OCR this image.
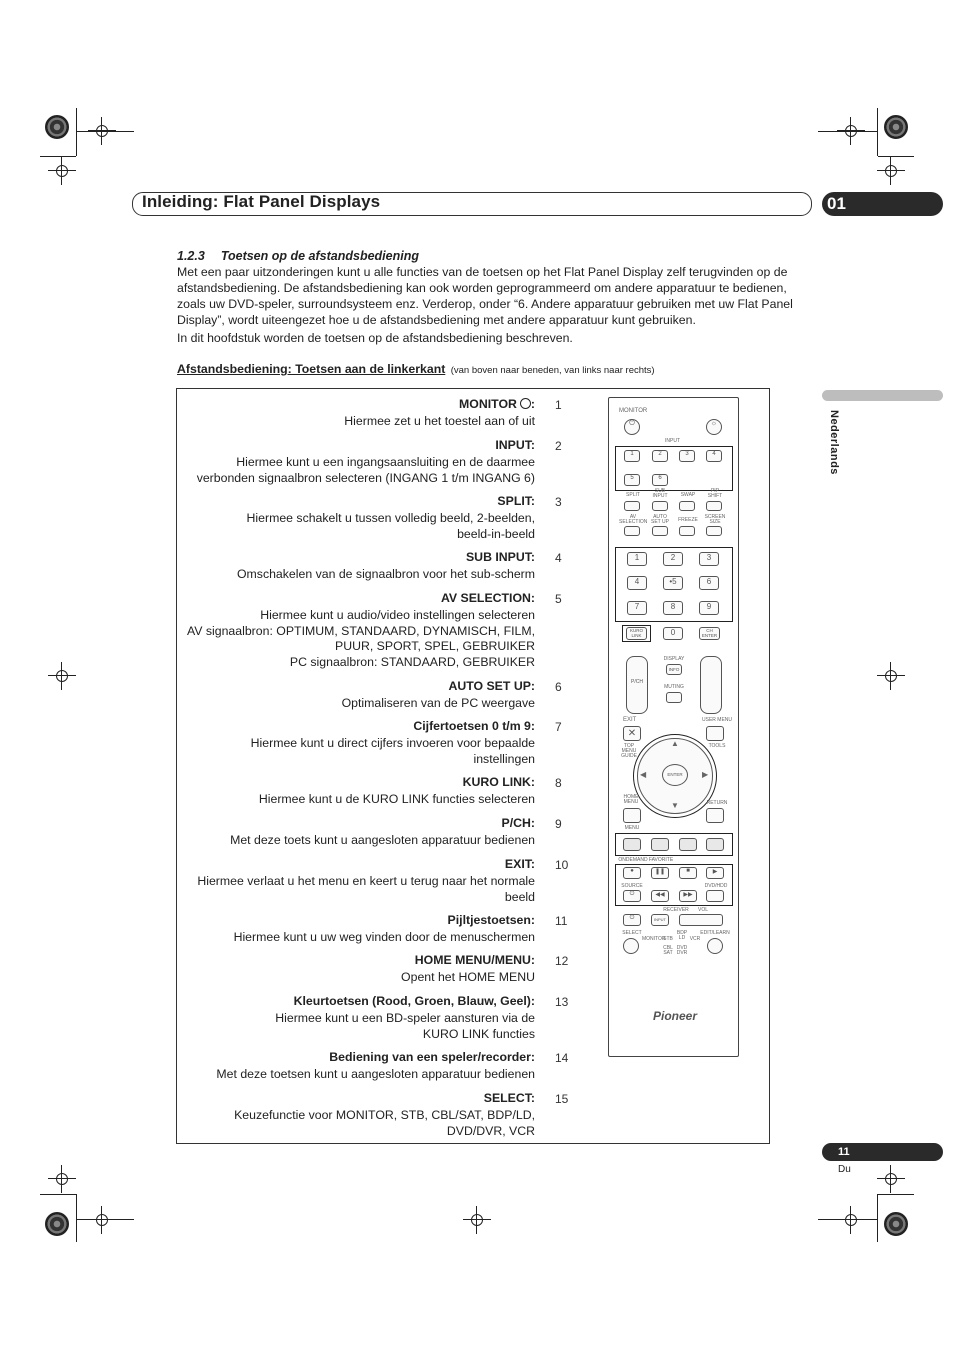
Inleiding: Flat Panel Displays	01
Nederlands
1.2.3 Toetsen op de afstandsbediening
Met een paar uitzonderingen kunt u alle functies van de toetsen op het Flat Panel Display zelf terugvinden op de afstandsbediening. De afstandsbediening kan ook worden geprogrammeerd om andere apparatuur te bedienen, zoals uw DVD-speler, surroundsysteem enz. Verderop, onder “6. Andere apparatuur gebruiken met uw Flat Panel Display”, wordt uiteengezet hoe u de afstandsbediening met andere apparatuur kunt gebruiken.
In dit hoofdstuk worden de toetsen op de afstandsbediening beschreven.
Afstandsbediening: Toetsen aan de linkerkant (van boven naar beneden, van links naar rechts)
MONITOR :
Hiermee zet u het toestel aan of uit
1
INPUT:
Hiermee kunt u een ingangsaansluiting en de daarmee
verbonden signaalbron selecteren (INGANG 1 t/m INGANG 6)
2
SPLIT:
Hiermee schakelt u tussen volledig beeld, 2-beelden,
beeld-in-beeld
3
SUB INPUT:
Omschakelen van de signaalbron voor het sub-scherm
4
AV SELECTION:
Hiermee kunt u audio/video instellingen selecteren
AV signaalbron: OPTIMUM, STANDAARD, DYNAMISCH, FILM,
PUUR, SPORT, SPEL, GEBRUIKER
PC signaalbron: STANDAARD, GEBRUIKER
5
AUTO SET UP:
Optimaliseren van de PC weergave
6
Cijfertoetsen 0 t/m 9:
Hiermee kunt u direct cijfers invoeren voor bepaalde
instellingen
7
KURO LINK:
Hiermee kunt u de KURO LINK functies selecteren
8
P/CH:
Met deze toets kunt u aangesloten apparatuur bedienen
9
EXIT:
Hiermee verlaat u het menu en keert u terug naar het normale
beeld
10
Pijltjestoetsen:
Hiermee kunt u uw weg vinden door de menuschermen
11
HOME MENU/MENU:
Opent het HOME MENU
12
Kleurtoetsen (Rood, Groen, Blauw, Geel):
Hiermee kunt u een BD-speler aansturen via de
KURO LINK functies
13
Bediening van een speler/recorder:
Met deze toetsen kunt u aangesloten apparatuur bedienen
14
SELECT:
Keuzefunctie voor MONITOR, STB, CBL/SAT, BDP/LD,
DVD/DVR, VCR
15
MONITOR
⏻	☼
INPUT
1	2	3	4
5	6
SPLIT
SUB INPUT	SWAP
PIP SHIFT
AV SELECTION
AUTO SET UP	FREEZE SCREEN SIZE
1	2	3
4	•5	6
7	8	9
KURO LINK	0	CH ENTER
P/CH
DISPLAY
INFO
MUTING
EXIT	USER MENU
✕
TOP MENU GUIDE
TOOLS
▲
▼
◀	▶
ENTER
HOME MENU	RETURN
MENU
ONDEMAND FAVORITE
●	❚❚	■	▶
SOURCE	DVD/HDD
⏻	◀◀	▶▶
RECEIVER	VOL
⏻	INPUT
SELECT	EDIT/LEARN
MONITOR
STB
CBL SAT
BDP LD
DVD DVR
VCR
Pioneer
11
Du
